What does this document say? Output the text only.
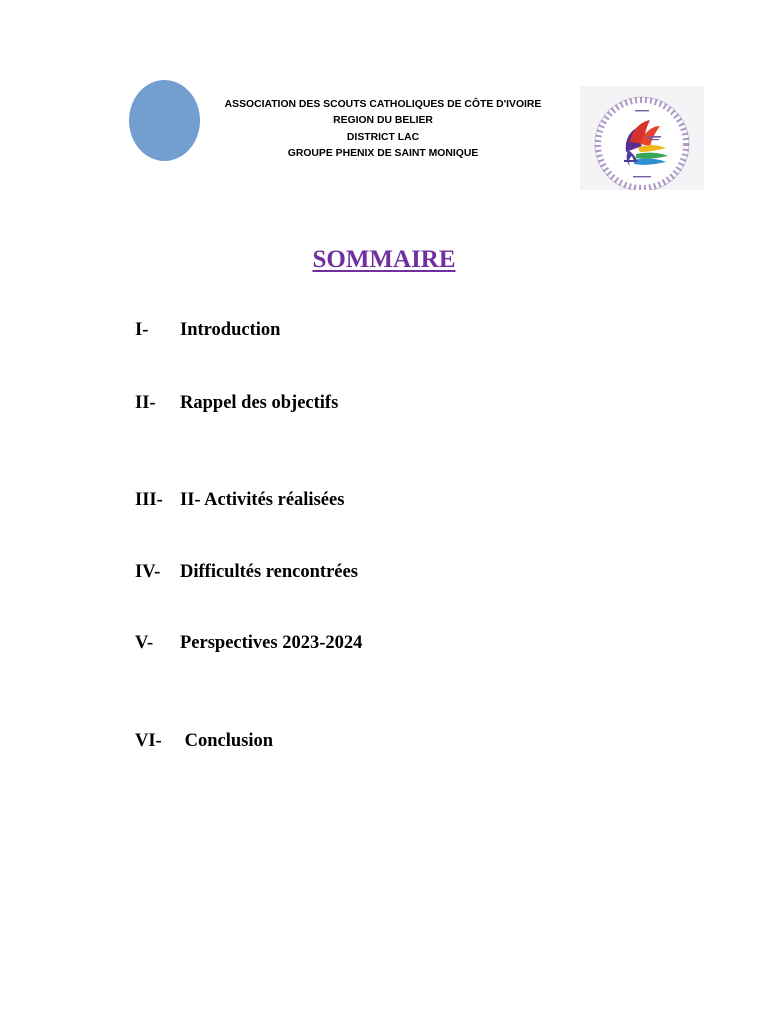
ASSOCIATION DES SCOUTS CATHOLIQUES DE CÔTE D'IVOIRE
REGION DU BELIER
DISTRICT LAC
GROUPE PHENIX DE SAINT MONIQUE
SOMMAIRE
I- Introduction
II- Rappel des objectifs
III- II- Activités réalisées
IV- Difficultés rencontrées
V- Perspectives 2023-2024
VI- Conclusion
